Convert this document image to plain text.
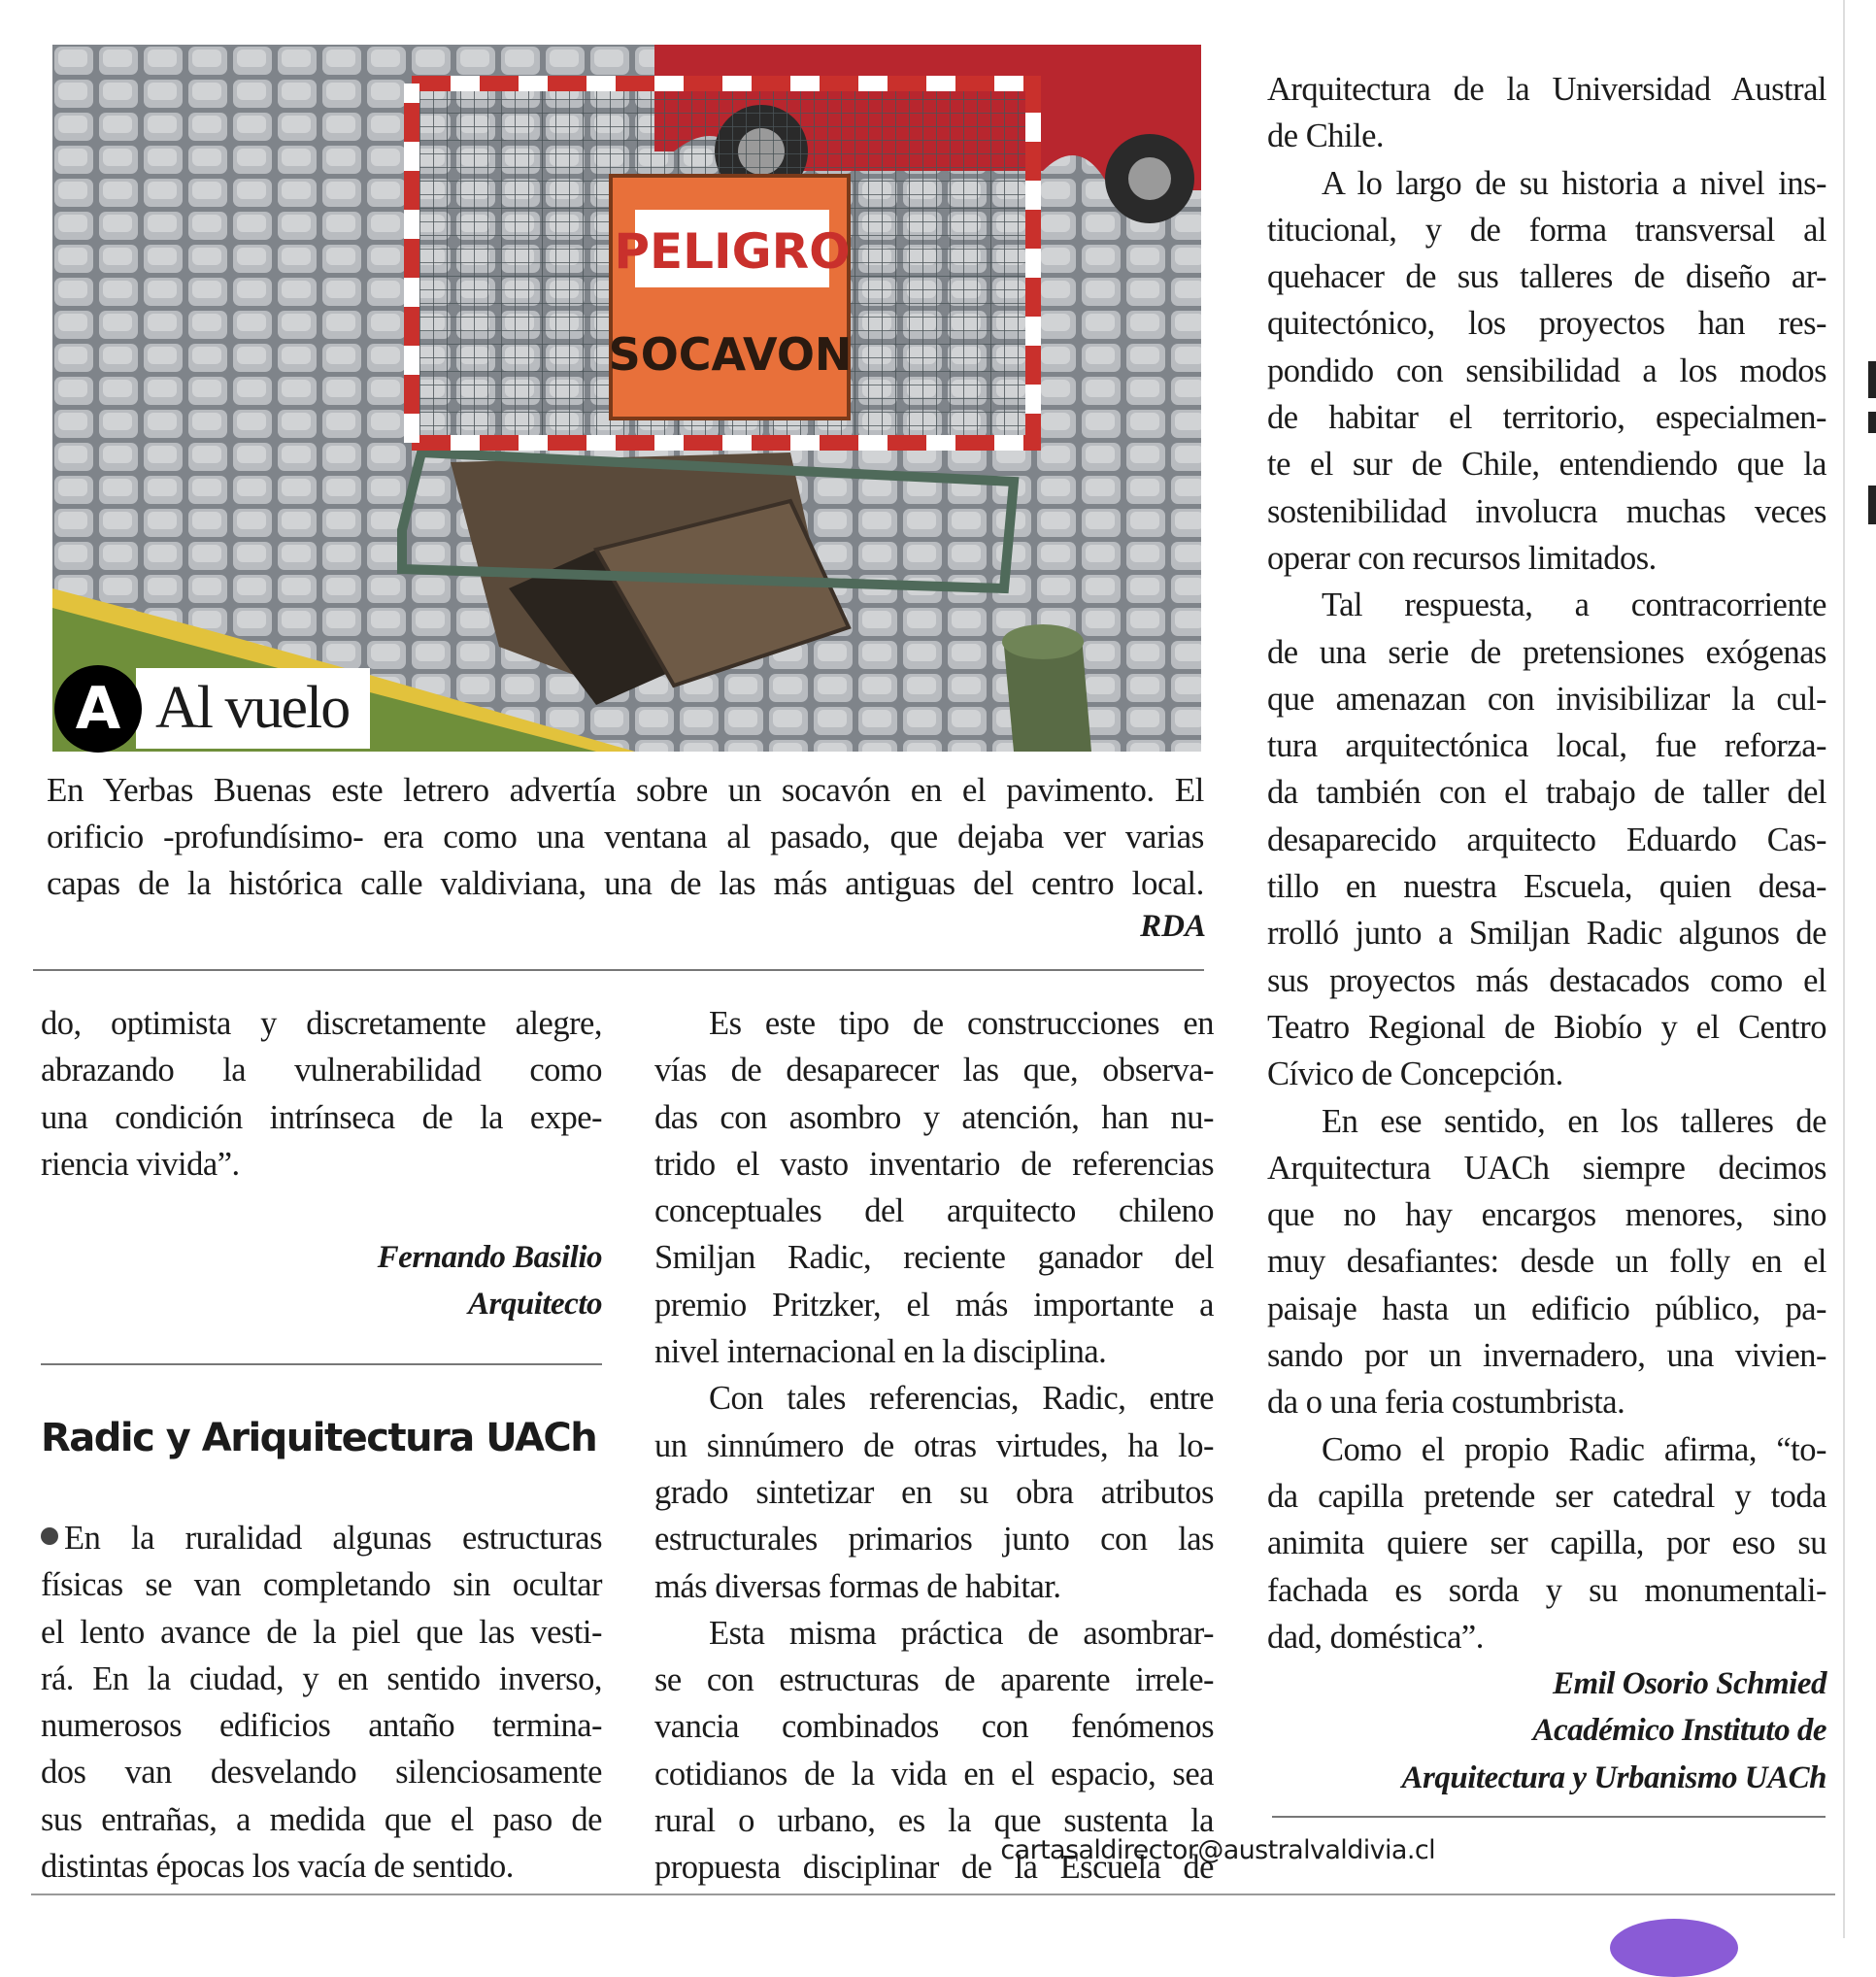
PELIGRO
SOCAVON
A Al vuelo
En Yerbas Buenas este letrero advertía sobre un socavón en el pavimento. El
orificio -profundísimo- era como una ventana al pasado, que dejaba ver varias
capas de la histórica calle valdiviana, una de las más antiguas del centro local.
RDA
do, optimista y discretamente alegre,
abrazando la vulnerabilidad como
una condición intrínseca de la expe-
riencia vivida”.
Fernando Basilio
Arquitecto
Radic y Ariquitectura UACh
En la ruralidad algunas estructuras
físicas se van completando sin ocultar
el lento avance de la piel que las vesti-
rá. En la ciudad, y en sentido inverso,
numerosos edificios antaño termina-
dos van desvelando silenciosamente
sus entrañas, a medida que el paso de
distintas épocas los vacía de sentido.
Es este tipo de construcciones en
vías de desaparecer las que, observa-
das con asombro y atención, han nu-
trido el vasto inventario de referencias
conceptuales del arquitecto chileno
Smiljan Radic, reciente ganador del
premio Pritzker, el más importante a
nivel internacional en la disciplina.
Con tales referencias, Radic, entre
un sinnúmero de otras virtudes, ha lo-
grado sintetizar en su obra atributos
estructurales primarios junto con las
más diversas formas de habitar.
Esta misma práctica de asombrar-
se con estructuras de aparente irrele-
vancia combinados con fenómenos
cotidianos de la vida en el espacio, sea
rural o urbano, es la que sustenta la
propuesta disciplinar de la Escuela de
Arquitectura de la Universidad Austral
de Chile.
A lo largo de su historia a nivel ins-
titucional, y de forma transversal al
quehacer de sus talleres de diseño ar-
quitectónico, los proyectos han res-
pondido con sensibilidad a los modos
de habitar el territorio, especialmen-
te el sur de Chile, entendiendo que la
sostenibilidad involucra muchas veces
operar con recursos limitados.
Tal respuesta, a contracorriente
de una serie de pretensiones exógenas
que amenazan con invisibilizar la cul-
tura arquitectónica local, fue reforza-
da también con el trabajo de taller del
desaparecido arquitecto Eduardo Cas-
tillo en nuestra Escuela, quien desa-
rrolló junto a Smiljan Radic algunos de
sus proyectos más destacados como el
Teatro Regional de Biobío y el Centro
Cívico de Concepción.
En ese sentido, en los talleres de
Arquitectura UACh siempre decimos
que no hay encargos menores, sino
muy desafiantes: desde un folly en el
paisaje hasta un edificio público, pa-
sando por un invernadero, una vivien-
da o una feria costumbrista.
Como el propio Radic afirma, “to-
da capilla pretende ser catedral y toda
animita quiere ser capilla, por eso su
fachada es sorda y su monumentali-
dad, doméstica”.
Emil Osorio Schmied
Académico Instituto de
Arquitectura y Urbanismo UACh
cartasaldirector@australvaldivia.cl
